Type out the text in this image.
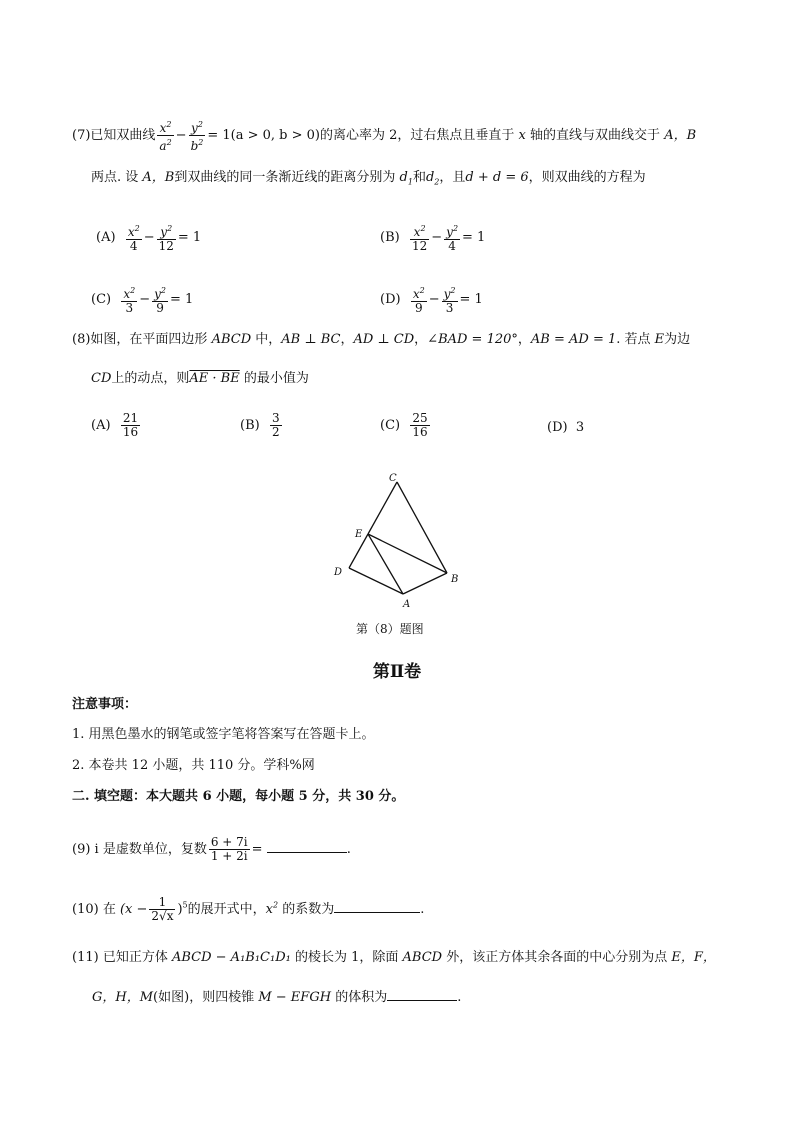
(7)已知双曲线 $\frac{x^2}{a^2} - \frac{y^2}{b^2} = 1(a > 0$, b > 0)的离心率为 2，过右焦点且垂直于 x 轴的直线与双曲线交于 A，B
两点. 设 A，B到双曲线的同一条渐近线的距离分别为 $d_1$和$d_2$，且d + d = 6，则双曲线的方程为
$(A) \frac{x^2}{4} - \frac{y^2}{12} = 1$	$(B) \frac{x^2}{12} - \frac{y^2}{4} = 1$
$(C) \frac{x^2}{3} - \frac{y^2}{9} = 1$	$(D) \frac{x^2}{9} - \frac{y^2}{3} = 1$
(8)如图，在平面四边形 ABCD 中，AB ⊥ BC，AD ⊥ CD，∠BAD = 120°，AB = AD = 1. 若点 E为边
CD上的动点，则AE · BE 的最小值为
$(A) \frac{21}{16}$	$(B) \frac{3}{2}$	$(C) \frac{25}{16}$	(D) 3
C
E
D
A
B
第（8）题图
第Ⅱ卷
注意事项：
1. 用黑色墨水的钢笔或签字笔将答案写在答题卡上。
2. 本卷共 12 小题，共 110 分。学科%网
二. 填空题：本大题共 6 小题，每小题 5 分，共 30 分。
(9) i 是虚数单位，复数 $\frac{6 + 7i}{1 + 2i}$ =	.
(10) 在 $(x - \frac{1}{2√x} )^5$的展开式中，$x^2$ 的系数为	.
(11) 已知正方体 ABCD − A₁B₁C₁D₁ 的棱长为 1，除面 ABCD 外，该正方体其余各面的中心分别为点 E，F，
G，H，M(如图)，则四棱锥 M − EFGH 的体积为	.
